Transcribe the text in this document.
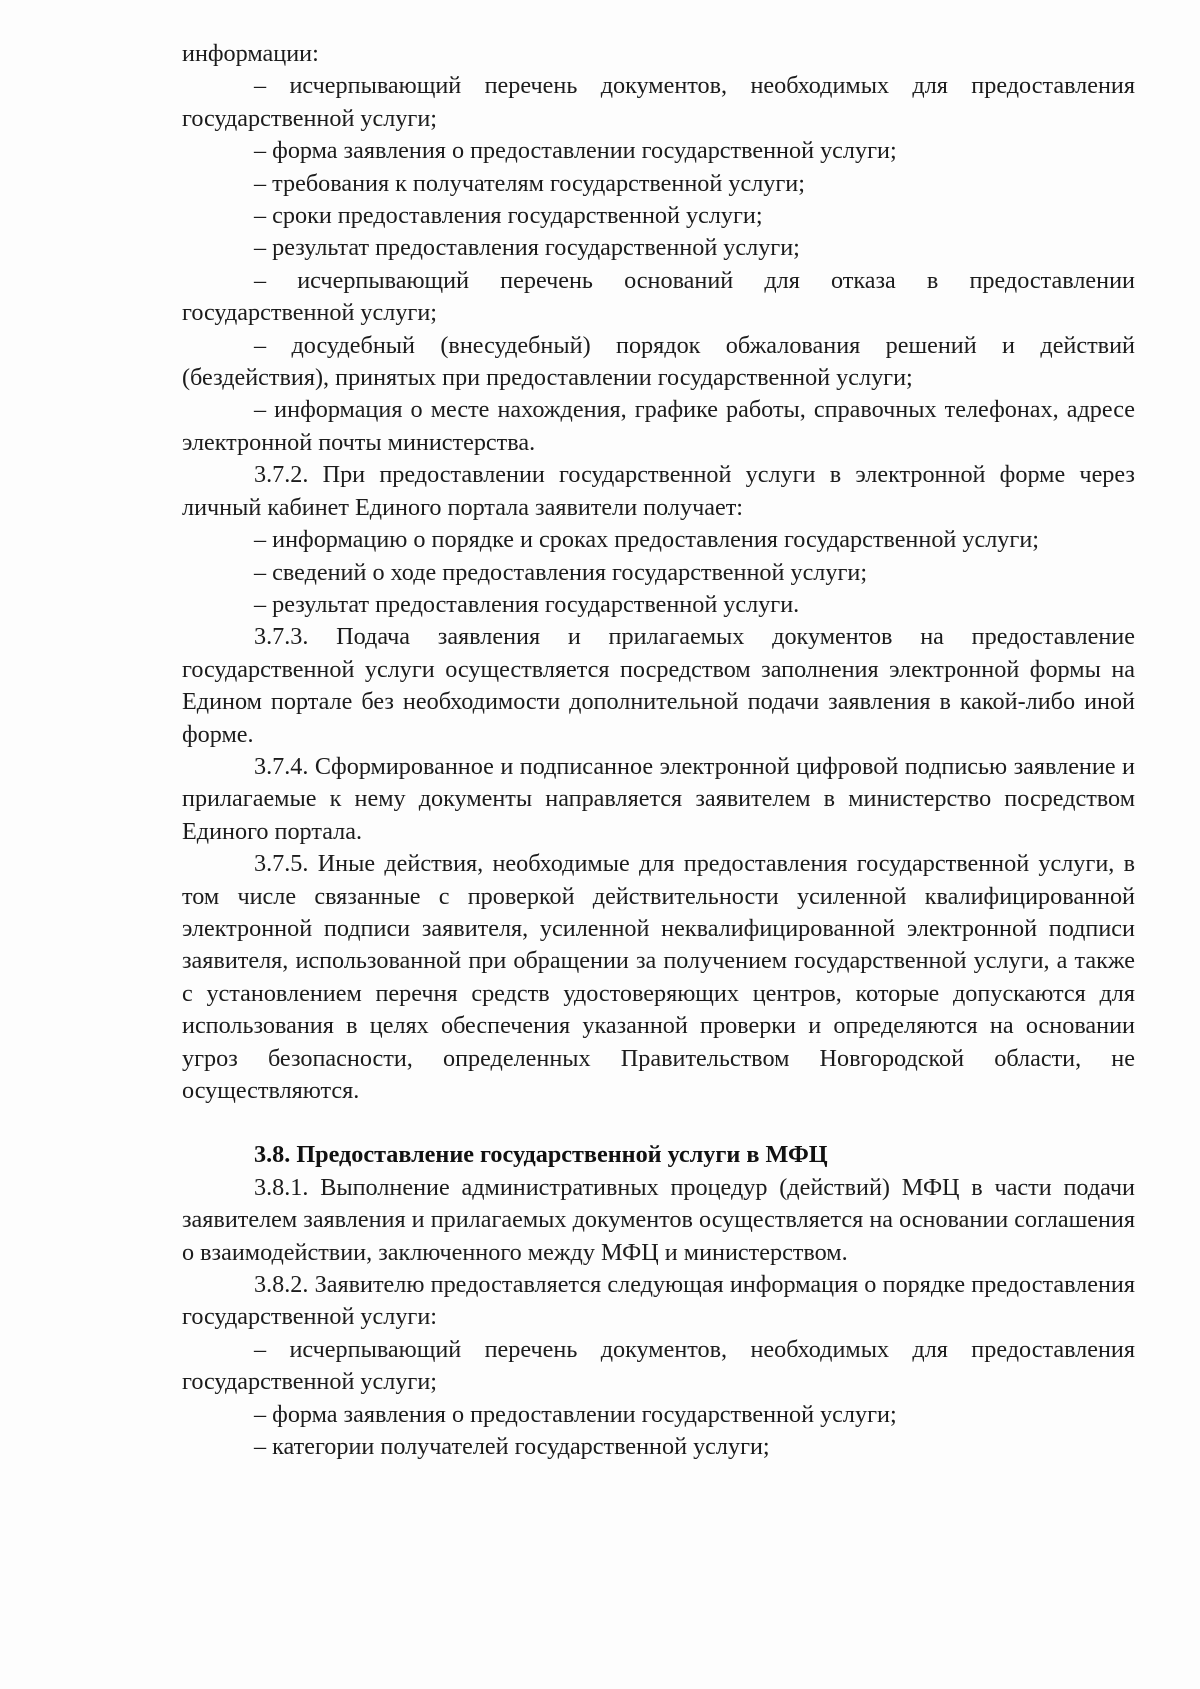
информации:

– исчерпывающий перечень документов, необходимых для предоставления государственной услуги;

– форма заявления о предоставлении государственной услуги;

– требования к получателям государственной услуги;

– сроки предоставления государственной услуги;

– результат предоставления государственной услуги;

– исчерпывающий перечень оснований для отказа в предоставлении государственной услуги;

– досудебный (внесудебный) порядок обжалования решений и действий (бездействия), принятых при предоставлении государственной услуги;

– информация о месте нахождения, графике работы, справочных телефонах, адресе электронной почты министерства.

3.7.2. При предоставлении государственной услуги в электронной форме через личный кабинет Единого портала заявители получает:

– информацию о порядке и сроках предоставления государственной услуги;

– сведений о ходе предоставления государственной услуги;

– результат предоставления государственной услуги.

3.7.3. Подача заявления и прилагаемых документов на предоставление государственной услуги осуществляется посредством заполнения электронной формы на Едином портале без необходимости дополнительной подачи заявления в какой-либо иной форме.

3.7.4. Сформированное и подписанное электронной цифровой подписью заявление и прилагаемые к нему документы направляется заявителем в министерство посредством Единого портала.

3.7.5. Иные действия, необходимые для предоставления государственной услуги, в том числе связанные с проверкой действительности усиленной квалифицированной электронной подписи заявителя, усиленной неквалифицированной электронной подписи заявителя, использованной при обращении за получением государственной услуги, а также с установлением перечня средств удостоверяющих центров, которые допускаются для использования в целях обеспечения указанной проверки и определяются на основании угроз безопасности, определенных Правительством Новгородской области, не осуществляются.

3.8. Предоставление государственной услуги в МФЦ

3.8.1. Выполнение административных процедур (действий) МФЦ в части подачи заявителем заявления и прилагаемых документов осуществляется на основании соглашения о взаимодействии, заключенного между МФЦ и министерством.

3.8.2. Заявителю предоставляется следующая информация о порядке предоставления государственной услуги:

– исчерпывающий перечень документов, необходимых для предоставления государственной услуги;

– форма заявления о предоставлении государственной услуги;

– категории получателей государственной услуги;
